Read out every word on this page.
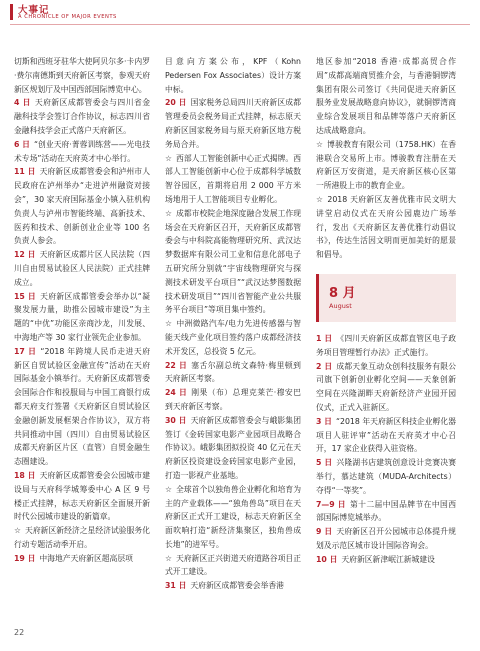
大事记
A CHRONICLE OF MAJOR EVENTS

切斯和西班牙驻华大使阿贝尔多·卡内罗·费尔南德斯到天府新区考察，参观天府新区规划厅及中国西部国际博览中心。

4 日 天府新区成都管委会与四川省金融科技学会签订合作协议，标志四川省金融科技学会正式落户天府新区。

6 日 “创业天府·菁蓉训练营——光电技术专场”活动在天府英才中心举行。

11 日 天府新区成都管委会和泸州市人民政府在泸州举办“走进泸州融资对接会”，30 家天府国际基金小镇入驻机构负责人与泸州市智能终端、高新技术、医药和技术、创新创业企业等 100 名负责人参会。

12 日 天府新区成都片区人民法院（四川自由贸易试验区人民法院）正式挂牌成立。

15 日 天府新区成都管委会举办以“凝聚发展力量，助推公园城市建设”为主题的“中优”功能区亲商沙龙，川发展、中海地产等 30 家行业领先企业参加。

17 日 “2018 年跨境人民币走进天府新区自贸试验区金融宣传”活动在天府国际基金小镇举行。天府新区成都管委会国际合作和投服局与中国工商银行成都天府支行签署《天府新区自贸试验区金融创新发展框架合作协议》，双方将共同推动中国（四川）自由贸易试验区成都天府新区片区（直管）自贸金融生态圈建设。

18 日 天府新区成都管委会公园城市建设局与天府科学城筹委中心 A 区 9 号楼正式挂牌，标志天府新区全面展开新时代公园城市建设的新篇章。

☆ 天府新区新经济之星经济试验服务化行动专题活动季开启。

19 日 中海地产天府新区超高层项

目意向方案公布，KPF（Kohn Pedersen Fox Associates）设计方案中标。

20 日 国家税务总局四川天府新区成都管理委员会税务局正式挂牌，标志原天府新区国家税务局与原天府新区地方税务局合并。

☆ 西部人工智能创新中心正式揭牌。西部人工智能创新中心位于成都科学城数智谷园区，首期将启用 2 000 平方米场地用于人工智能项目专业孵化。

☆ 成都市校院企地深度融合发展工作现场会在天府新区召开，天府新区成都管委会与中科院高能物理研究所、武汉达梦数据库有限公司工业和信息化部电子五研究所分别就“宇宙线物理研究与探测技术研发平台项目”“武汉达梦图数据技术研发项目”“四川省智能产业公共服务平台项目”等项目集中签约。

☆ 中洲微路汽车/电力先进传感器与智能天线产业化项目签约落户成都经济技术开发区，总投资 5 亿元。

22 日 塞舌尔副总统文森特·梅里顿到天府新区考察。

24 日 刚果（布）总理克莱芒·穆安巴到天府新区考察。

30 日 天府新区成都管委会与峨影集团签订《金砖国家电影产业园项目战略合作协议》。峨影集团拟投资 40 亿元在天府新区投资建设金砖国家电影产业园，打造一影视产业基地。

☆ 全球首个以独角兽企业孵化和培育为主的产业载体——“独角兽岛”项目在天府新区正式开工建设，标志天府新区全面吹响打造“新经济集聚区，独角兽成长地”的进军号。

☆ 天府新区正兴街道天府道路谷项目正式开工建设。

31 日 天府新区成都管委会举香港

地区参加“2018 香港·成都高贸合作周”成都高端商贸推介会，与香港铜锣湾集团有限公司签订《共同促进天府新区服务业发展战略意向协议》，就铜锣湾商业综合发展项目和品牌等落户天府新区达成战略意向。

☆ 博骏教育有限公司（1758.HK）在香港联合交易所上市。博骏教育注册在天府新区万安街道，是天府新区核心区第一所港股上市的教育企业。

☆ 2018 天府新区友善优雅市民文明大讲堂启动仪式在天府公园鹿边广场举行，发出《天府新区友善优雅行动倡议书》，传达生活因文明而更加美好的愿景和倡导。

8 月
August

1 日 《四川天府新区成都直管区电子政务项目管理暂行办法》正式施行。

2 日 成都天象互动众创科技服务有限公司旗下创新创业孵化空间——天象创新空间在兴隆湖畔天府新经济产业园开园仪式，正式入驻新区。

3 日 “2018 年天府新区科技企业孵化器项目人驻评审”活动在天府英才中心召开，17 家企业获得入驻资格。

5 日 兴隆湖书店建筑创意设计竞赛决赛举行，慕达建筑（MUDA-Architects）夺得“一等奖”。

7—9 日 第十二届中国品牌节在中国西部国际博览城举办。

9 日 天府新区召开公园城市总体提升规划及示范区城市设计国际咨询会。

10 日 天府新区新津岷江新城建设

22
